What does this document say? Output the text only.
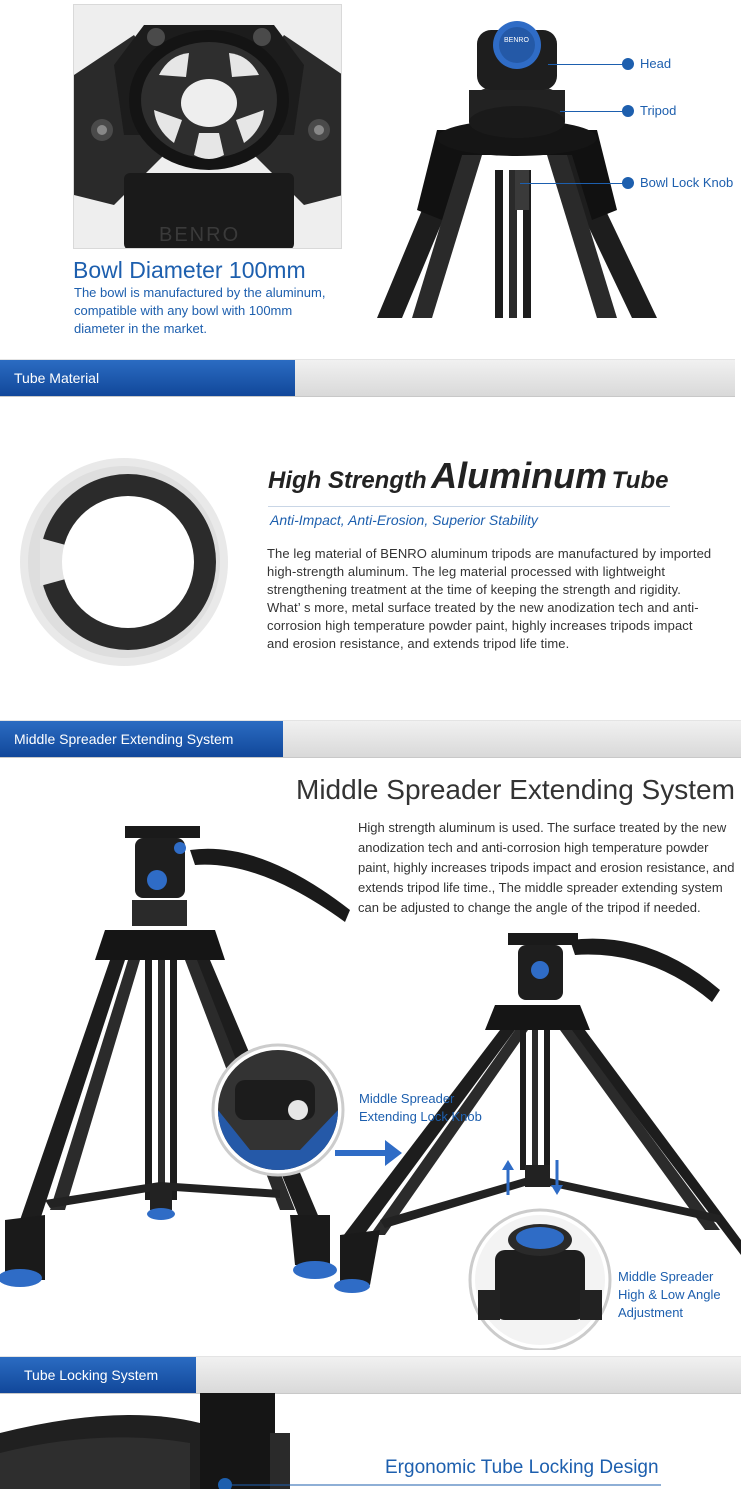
BENRO
Bowl Diameter 100mm
The bowl is manufactured by the aluminum, compatible with any bowl with 100mm diameter in the market.
BENRO
Head
Tripod
Bowl Lock Knob
Tube Material
High Strength Aluminum Tube
Anti-Impact, Anti-Erosion, Superior Stability
The leg material of BENRO aluminum tripods are manufactured by imported high-strength aluminum. The leg material processed with lightweight strengthening treatment at the time of keeping the strength and rigidity. What’ s more, metal surface treated by the new anodization tech and anti-corrosion high temperature powder paint, highly increases tripods impact and erosion resistance, and extends tripod life time.
Middle Spreader Extending System
Middle Spreader Extending System
High strength aluminum is used. The surface treated by the new anodization tech and anti-corrosion high temperature powder paint, highly increases tripods impact and erosion resistance, and extends tripod life time., The middle spreader extending system can be adjusted to change the angle of the tripod if needed.
Middle Spreader Extending Lock Knob
Middle Spreader High & Low Angle Adjustment
Tube Locking System
Ergonomic Tube Locking Design
